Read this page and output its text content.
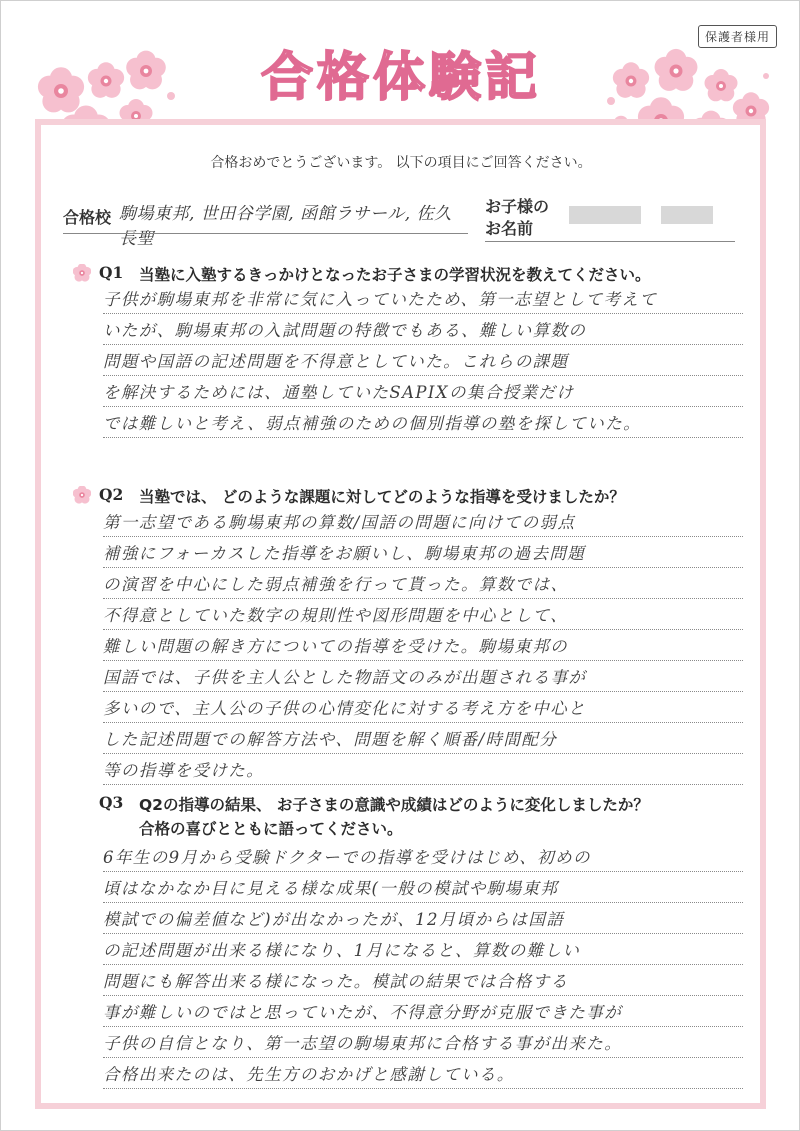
保護者様用
合格体験記
合格おめでとうございます。 以下の項目にご回答ください。
合格校 駒場東邦, 世田谷学園, 函館ラサール, 佐久長聖
お子様の
お名前
Q1	当塾に入塾するきっかけとなったお子さまの学習状況を教えてください。
子供が駒場東邦を非常に気に入っていたため、第一志望として考えて
いたが、駒場東邦の入試問題の特徴でもある、難しい算数の
問題や国語の記述問題を不得意としていた。これらの課題
を解決するためには、通塾していたSAPIXの集合授業だけ
では難しいと考え、弱点補強のための個別指導の塾を探していた。
Q2	当塾では、 どのような課題に対してどのような指導を受けましたか？
第一志望である駒場東邦の算数/国語の問題に向けての弱点
補強にフォーカスした指導をお願いし、駒場東邦の過去問題
の演習を中心にした弱点補強を行って貰った。算数では、
不得意としていた数字の規則性や図形問題を中心として、
難しい問題の解き方についての指導を受けた。駒場東邦の
国語では、子供を主人公とした物語文のみが出題される事が
多いので、主人公の子供の心情変化に対する考え方を中心と
した記述問題での解答方法や、問題を解く順番/時間配分
等の指導を受けた。
Q3	Q2の指導の結果、 お子さまの意識や成績はどのように変化しましたか？
合格の喜びとともに語ってください。
6年生の9月から受験ドクターでの指導を受けはじめ、初めの
頃はなかなか目に見える様な成果(一般の模試や駒場東邦
模試での偏差値など)が出なかったが、12月頃からは国語
の記述問題が出来る様になり、1月になると、算数の難しい
問題にも解答出来る様になった。模試の結果では合格する
事が難しいのではと思っていたが、不得意分野が克服できた事が
子供の自信となり、第一志望の駒場東邦に合格する事が出来た。
合格出来たのは、先生方のおかげと感謝している。
